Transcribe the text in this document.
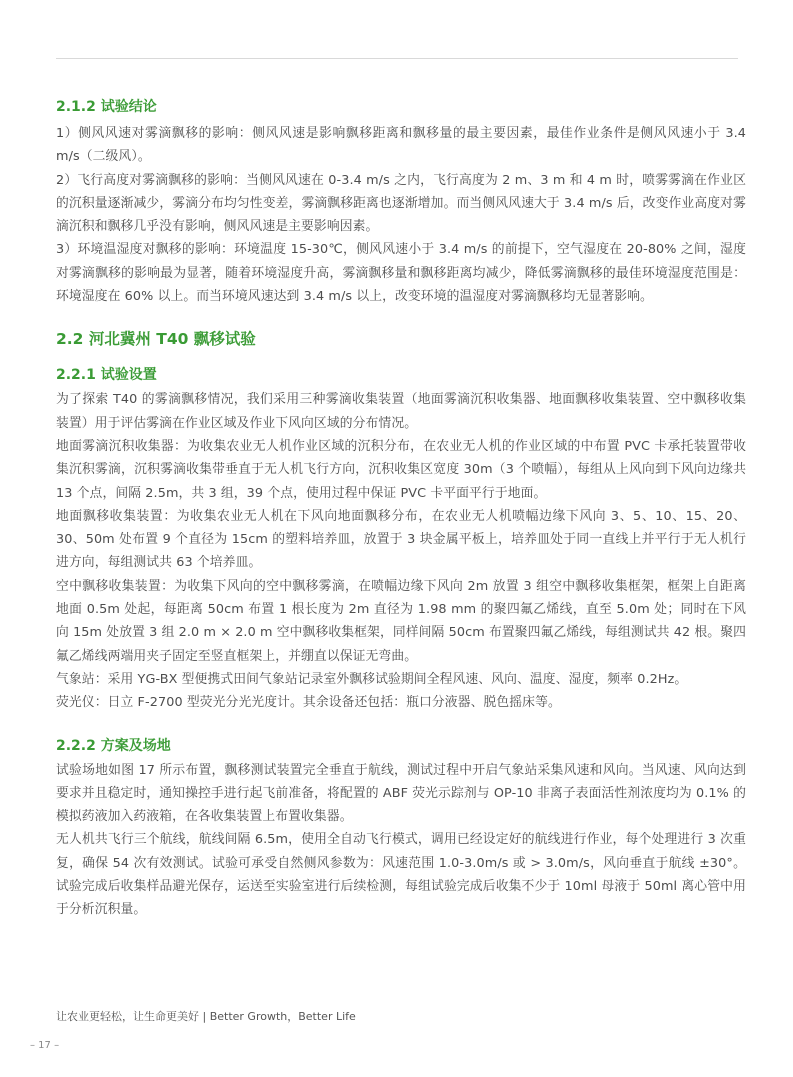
2.1.2 试验结论

1）侧风风速对雾滴飘移的影响：侧风风速是影响飘移距离和飘移量的最主要因素，最佳作业条件是侧风风速小于 3.4 m/s（二级风）。

2）飞行高度对雾滴飘移的影响：当侧风风速在 0-3.4 m/s 之内，飞行高度为 2 m、3 m 和 4 m 时，喷雾雾滴在作业区的沉积量逐渐减少，雾滴分布均匀性变差，雾滴飘移距离也逐渐增加。而当侧风风速大于 3.4 m/s 后，改变作业高度对雾滴沉积和飘移几乎没有影响，侧风风速是主要影响因素。

3）环境温湿度对飘移的影响：环境温度 15-30℃，侧风风速小于 3.4 m/s 的前提下，空气湿度在 20-80% 之间，湿度对雾滴飘移的影响最为显著，随着环境湿度升高，雾滴飘移量和飘移距离均减少，降低雾滴飘移的最佳环境湿度范围是：环境湿度在 60% 以上。而当环境风速达到 3.4 m/s 以上，改变环境的温湿度对雾滴飘移均无显著影响。

2.2 河北冀州 T40 飘移试验
2.2.1 试验设置

为了探索 T40 的雾滴飘移情况，我们采用三种雾滴收集装置（地面雾滴沉积收集器、地面飘移收集装置、空中飘移收集装置）用于评估雾滴在作业区域及作业下风向区域的分布情况。

地面雾滴沉积收集器：为收集农业无人机作业区域的沉积分布，在农业无人机的作业区域的中布置 PVC 卡承托装置带收集沉积雾滴，沉积雾滴收集带垂直于无人机飞行方向，沉积收集区宽度 30m（3 个喷幅），每组从上风向到下风向边缘共 13 个点，间隔 2.5m，共 3 组，39 个点，使用过程中保证 PVC 卡平面平行于地面。

地面飘移收集装置：为收集农业无人机在下风向地面飘移分布，在农业无人机喷幅边缘下风向 3、5、10、15、20、30、50m 处布置 9 个直径为 15cm 的塑料培养皿，放置于 3 块金属平板上，培养皿处于同一直线上并平行于无人机行进方向，每组测试共 63 个培养皿。

空中飘移收集装置：为收集下风向的空中飘移雾滴，在喷幅边缘下风向 2m 放置 3 组空中飘移收集框架，框架上自距离地面 0.5m 处起，每距离 50cm 布置 1 根长度为 2m 直径为 1.98 mm 的聚四氟乙烯线，直至 5.0m 处；同时在下风向 15m 处放置 3 组 2.0 m × 2.0 m 空中飘移收集框架，同样间隔 50cm 布置聚四氟乙烯线，每组测试共 42 根。聚四氟乙烯线两端用夹子固定至竖直框架上，并绷直以保证无弯曲。

气象站：采用 YG-BX 型便携式田间气象站记录室外飘移试验期间全程风速、风向、温度、湿度，频率 0.2Hz。

荧光仪：日立 F-2700 型荧光分光光度计。其余设备还包括：瓶口分液器、脱色摇床等。

2.2.2 方案及场地

试验场地如图 17 所示布置，飘移测试装置完全垂直于航线，测试过程中开启气象站采集风速和风向。当风速、风向达到要求并且稳定时，通知操控手进行起飞前准备，将配置的 ABF 荧光示踪剂与 OP-10 非离子表面活性剂浓度均为 0.1% 的模拟药液加入药液箱，在各收集装置上布置收集器。

无人机共飞行三个航线，航线间隔 6.5m，使用全自动飞行模式，调用已经设定好的航线进行作业，每个处理进行 3 次重复，确保 54 次有效测试。试验可承受自然侧风参数为：风速范围 1.0-3.0m/s 或 > 3.0m/s，风向垂直于航线 ±30°。试验完成后收集样品避光保存，运送至实验室进行后续检测，每组试验完成后收集不少于 10ml 母液于 50ml 离心管中用于分析沉积量。

让农业更轻松，让生命更美好 | Better Growth，Better Life
– 17 –
